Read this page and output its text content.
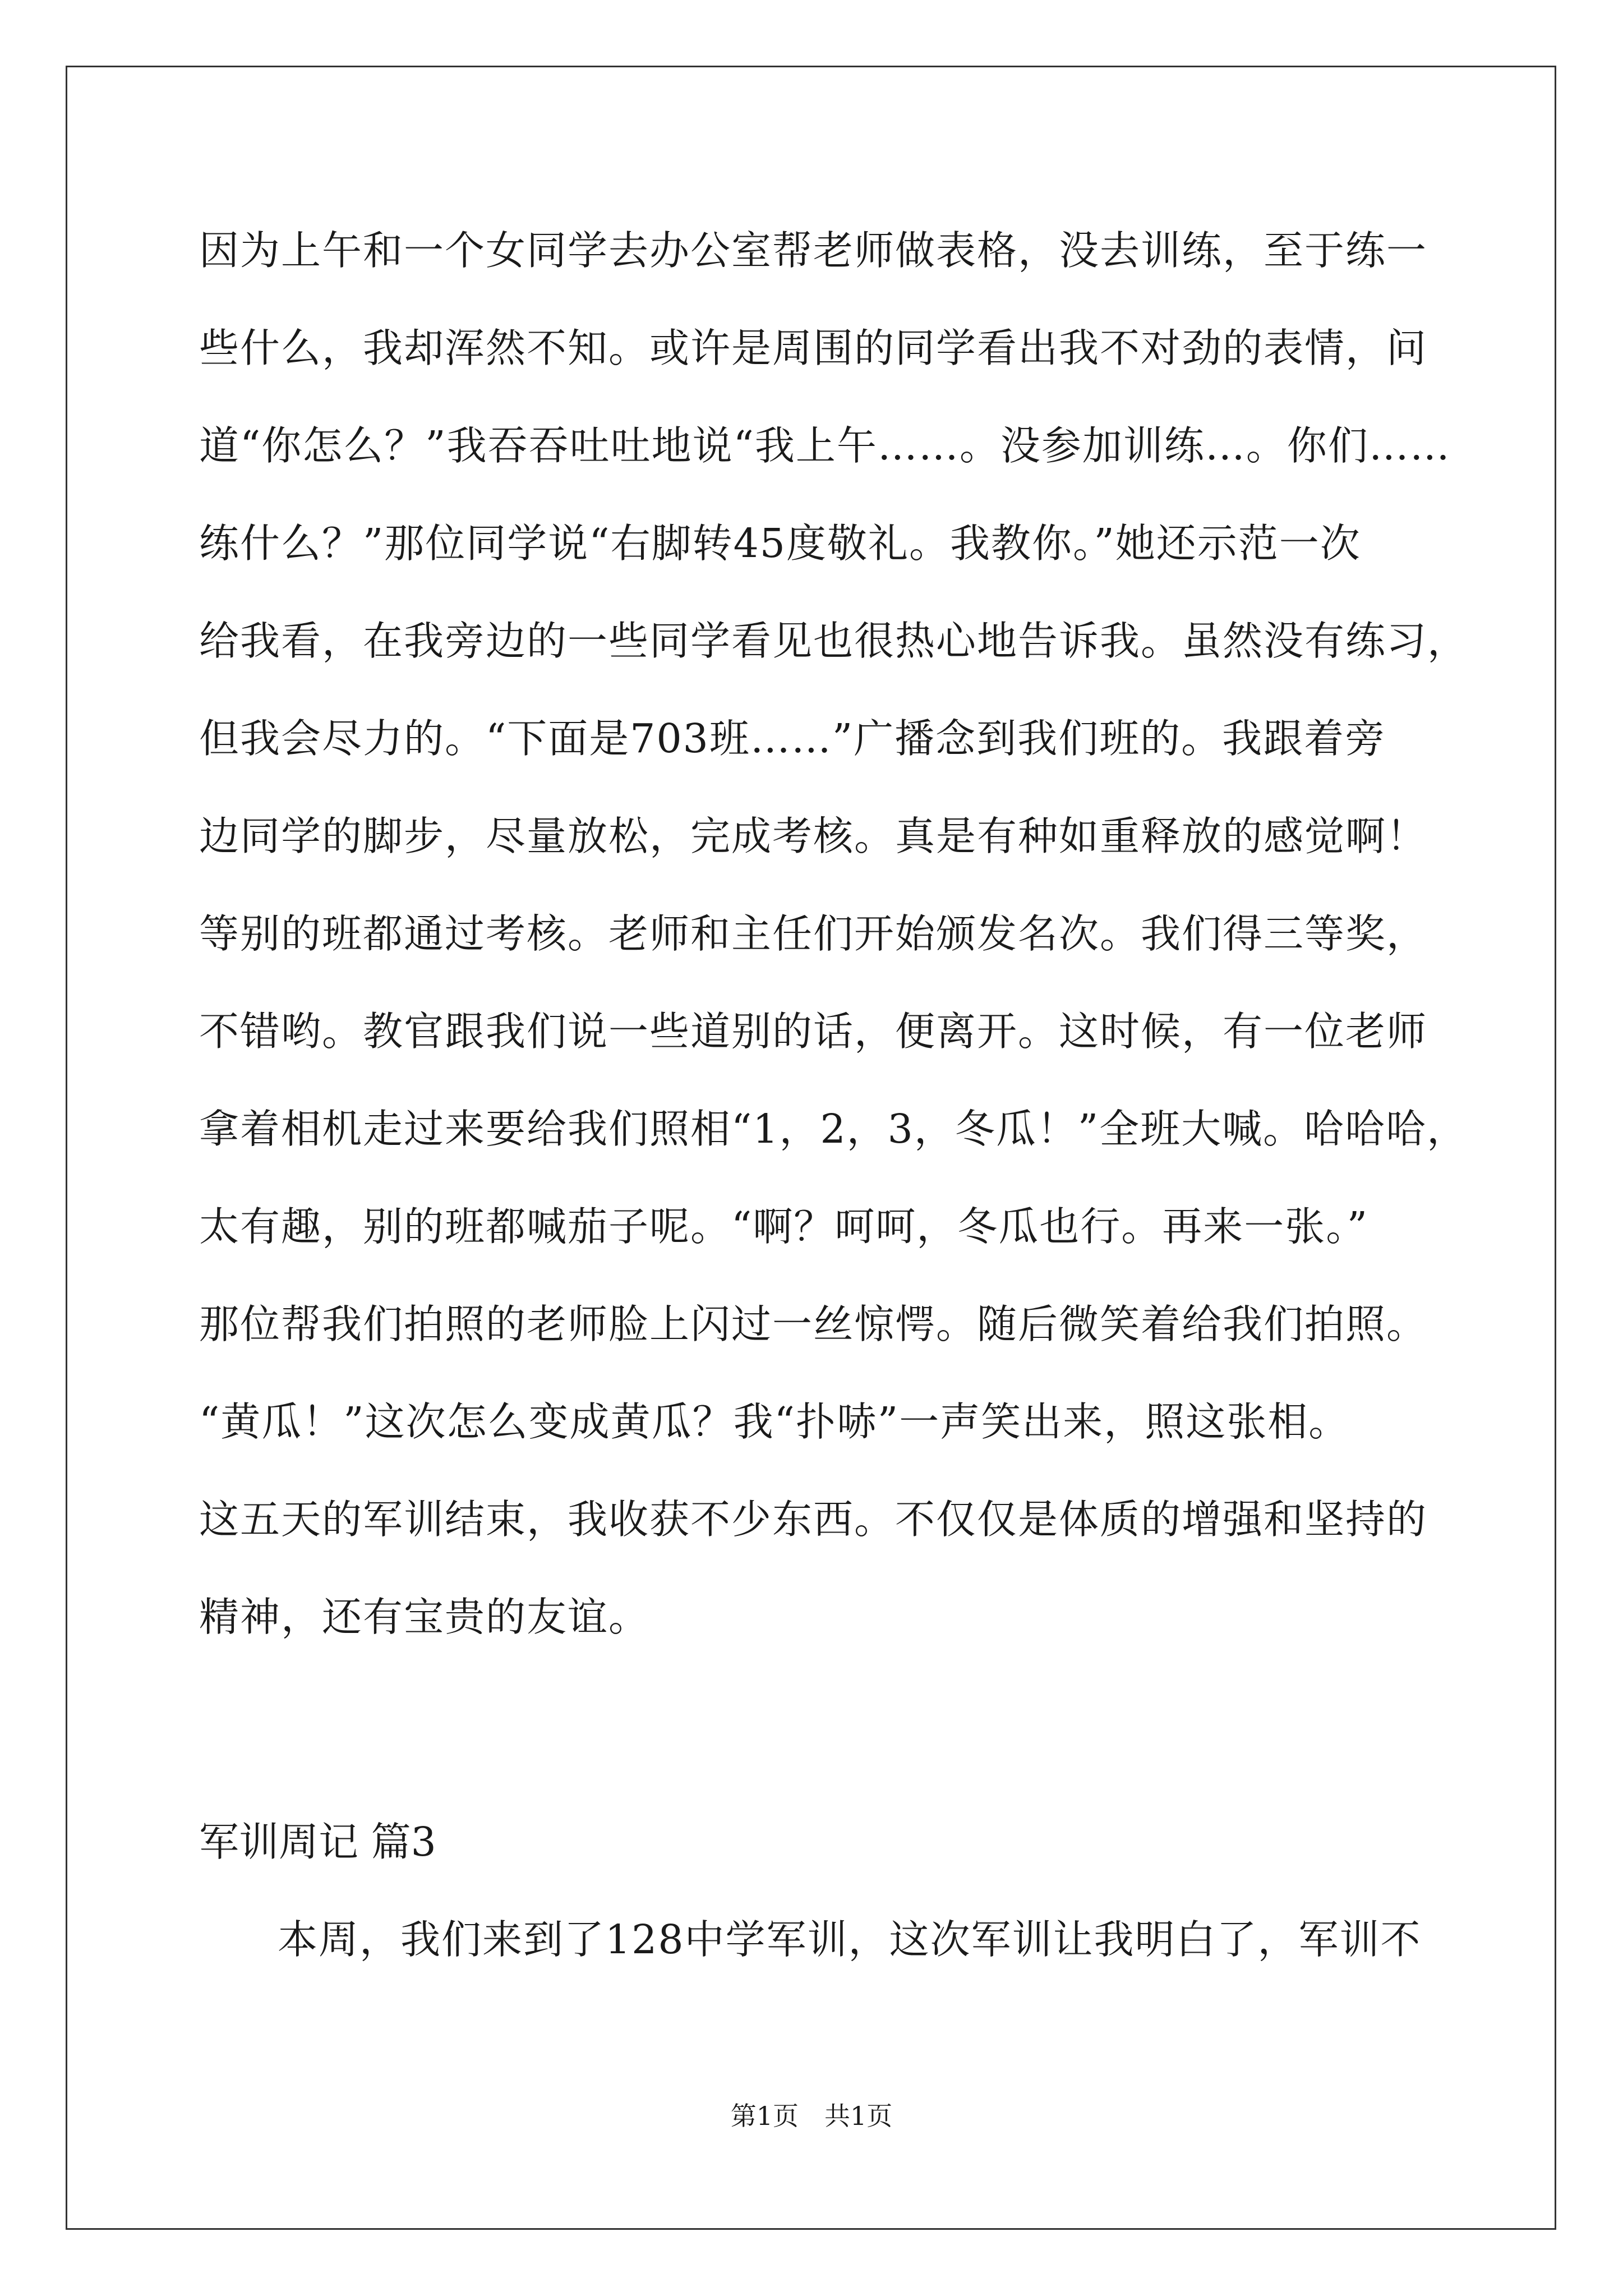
因为上午和一个女同学去办公室帮老师做表格，没去训练，至于练一
些什么，我却浑然不知。或许是周围的同学看出我不对劲的表情，问
道“你怎么？”我吞吞吐吐地说“我上午……。没参加训练…。你们……
练什么？”那位同学说“右脚转45度敬礼。我教你。”她还示范一次
给我看，在我旁边的一些同学看见也很热心地告诉我。虽然没有练习，
但我会尽力的。“下面是703班……”广播念到我们班的。我跟着旁
边同学的脚步，尽量放松，完成考核。真是有种如重释放的感觉啊！
等别的班都通过考核。老师和主任们开始颁发名次。我们得三等奖，
不错哟。教官跟我们说一些道别的话，便离开。这时候，有一位老师
拿着相机走过来要给我们照相“1，2，3，冬瓜！”全班大喊。哈哈哈，
太有趣，别的班都喊茄子呢。“啊？呵呵，冬瓜也行。再来一张。”
那位帮我们拍照的老师脸上闪过一丝惊愕。随后微笑着给我们拍照。
“黄瓜！”这次怎么变成黄瓜？我“扑哧”一声笑出来，照这张相。
这五天的军训结束，我收获不少东西。不仅仅是体质的增强和坚持的
精神，还有宝贵的友谊。
军训周记 篇3
本周，我们来到了128中学军训，这次军训让我明白了，军训不
第1页　共1页
